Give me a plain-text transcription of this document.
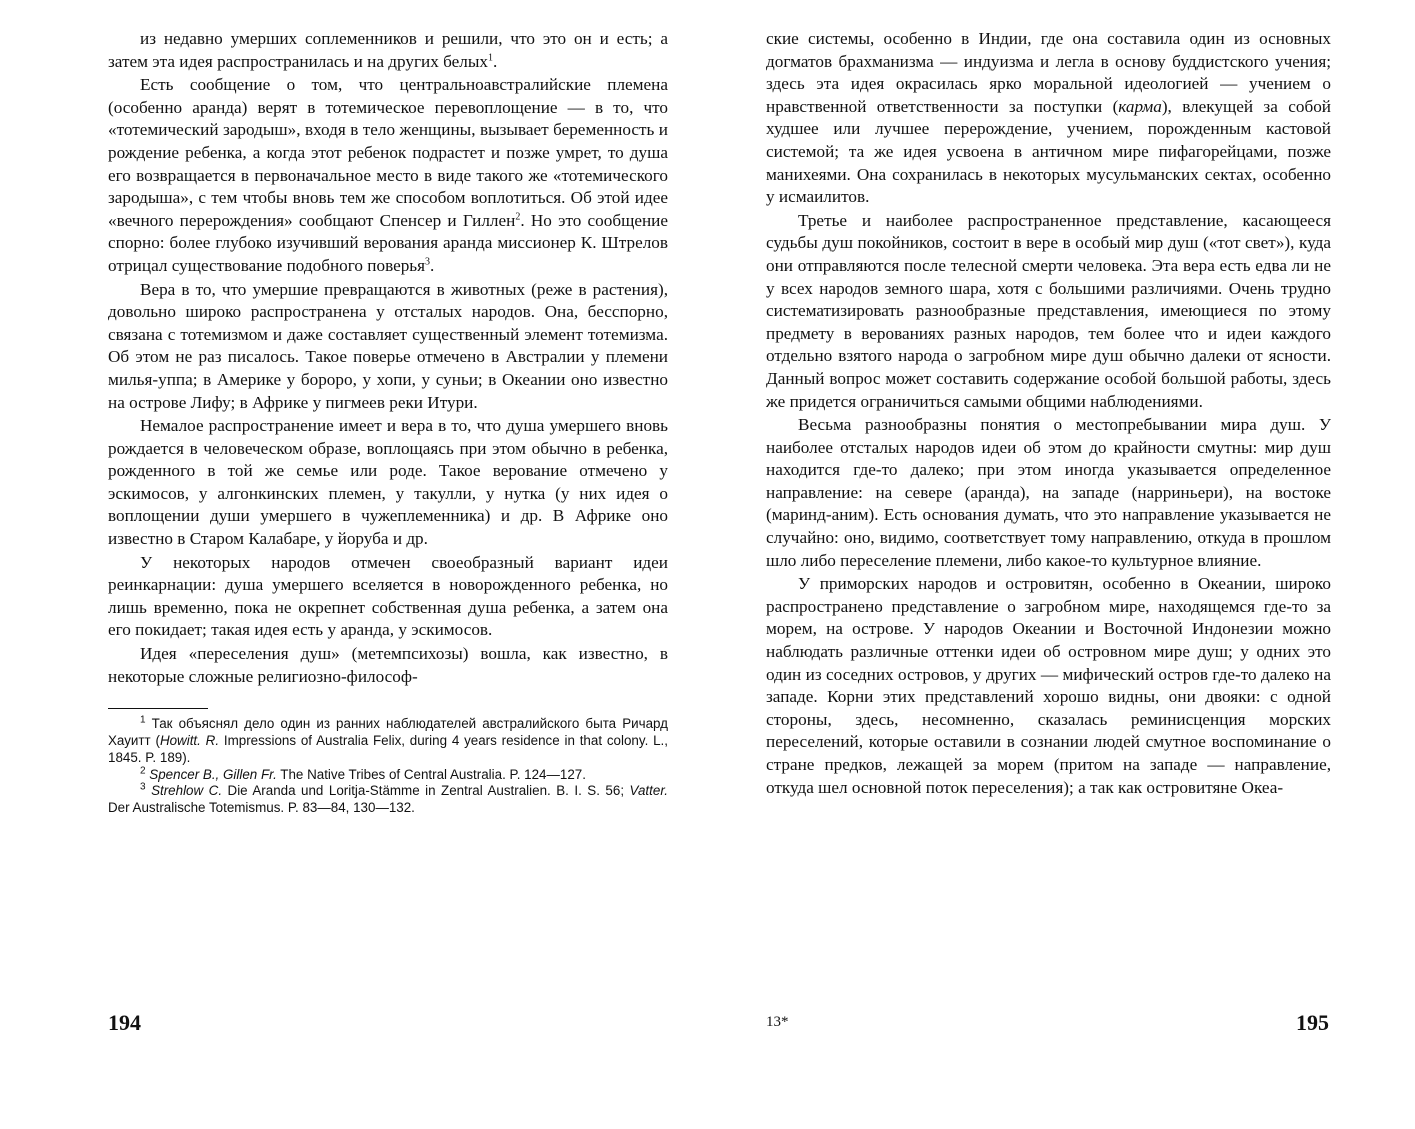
из недавно умерших соплеменников и решили, что это он и есть; а затем эта идея распространилась и на других белых$^1$.

Есть сообщение о том, что центральноавстралийские племена (особенно аранда) верят в тотемическое перевоплощение — в то, что «тотемический зародыш», входя в тело женщины, вызывает беременность и рождение ребенка, а когда этот ребенок подрастет и позже умрет, то душа его возвращается в первоначальное место в виде такого же «тотемического зародыша», с тем чтобы вновь тем же способом воплотиться. Об этой идее «вечного перерождения» сообщают Спенсер и Гиллен$^2$. Но это сообщение спорно: более глубоко изучивший верования аранда миссионер К. Штрелов отрицал существование подобного поверья$^3$.

Вера в то, что умершие превращаются в животных (реже в растения), довольно широко распространена у отсталых народов. Она, бесспорно, связана с тотемизмом и даже составляет существенный элемент тотемизма. Об этом не раз писалось. Такое поверье отмечено в Австралии у племени милья-уппа; в Америке у бороро, у хопи, у суньи; в Океании оно известно на острове Лифу; в Африке у пигмеев реки Итури.

Немалое распространение имеет и вера в то, что душа умершего вновь рождается в человеческом образе, воплощаясь при этом обычно в ребенка, рожденного в той же семье или роде. Такое верование отмечено у эскимосов, у алгонкинских племен, у такулли, у нутка (у них идея о воплощении души умершего в чужеплеменника) и др. В Африке оно известно в Старом Калабаре, у йоруба и др.

У некоторых народов отмечен своеобразный вариант идеи реинкарнации: душа умершего вселяется в новорожденного ребенка, но лишь временно, пока не окрепнет собственная душа ребенка, а затем она его покидает; такая идея есть у аранда, у эскимосов.

Идея «переселения душ» (метемпсихозы) вошла, как известно, в некоторые сложные религиозно-философ-

$^1$ Так объяснял дело один из ранних наблюдателей австралийского быта Ричард Хауитт (Howitt. R. Impressions of Australia Felix, during 4 years residence in that colony. L., 1845. P. 189).

$^2$ Spencer B., Gillen Fr. The Native Tribes of Central Australia. P. 124—127.

$^3$ Strehlow C. Die Aranda und Loritja-Stämme in Zentral Australien. B. I. S. 56; Vatter. Der Australische Totemismus. P. 83—84, 130—132.

194

ские системы, особенно в Индии, где она составила один из основных догматов брахманизма — индуизма и легла в основу буддистского учения; здесь эта идея окрасилась ярко моральной идеологией — учением о нравственной ответственности за поступки (карма), влекущей за собой худшее или лучшее перерождение, учением, порожденным кастовой системой; та же идея усвоена в античном мире пифагорейцами, позже манихеями. Она сохранилась в некоторых мусульманских сектах, особенно у исмаилитов.

Третье и наиболее распространенное представление, касающееся судьбы душ покойников, состоит в вере в особый мир душ («тот свет»), куда они отправляются после телесной смерти человека. Эта вера есть едва ли не у всех народов земного шара, хотя с большими различиями. Очень трудно систематизировать разнообразные представления, имеющиеся по этому предмету в верованиях разных народов, тем более что и идеи каждого отдельно взятого народа о загробном мире душ обычно далеки от ясности. Данный вопрос может составить содержание особой большой работы, здесь же придется ограничиться самыми общими наблюдениями.

Весьма разнообразны понятия о местопребывании мира душ. У наиболее отсталых народов идеи об этом до крайности смутны: мир душ находится где-то далеко; при этом иногда указывается определенное направление: на севере (аранда), на западе (нарриньери), на востоке (маринд-аним). Есть основания думать, что это направление указывается не случайно: оно, видимо, соответствует тому направлению, откуда в прошлом шло либо переселение племени, либо какое-то культурное влияние.

У приморских народов и островитян, особенно в Океании, широко распространено представление о загробном мире, находящемся где-то за морем, на острове. У народов Океании и Восточной Индонезии можно наблюдать различные оттенки идеи об островном мире душ; у одних это один из соседних островов, у других — мифический остров где-то далеко на западе. Корни этих представлений хорошо видны, они двояки: с одной стороны, здесь, несомненно, сказалась реминисценция морских переселений, которые оставили в сознании людей смутное воспоминание о стране предков, лежащей за морем (притом на западе — направление, откуда шел основной поток переселения); а так как островитяне Океа-

13*	195
